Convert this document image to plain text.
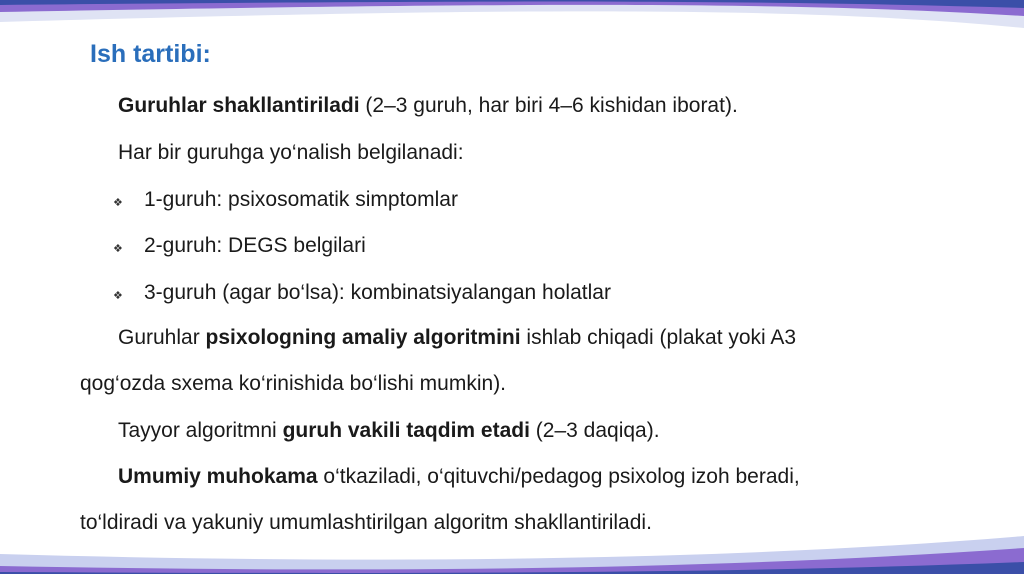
Ish tartibi:
Guruhlar shakllantiriladi (2–3 guruh, har biri 4–6 kishidan iborat).
Har bir guruhga yo‘nalish belgilanadi:
❖ 1-guruh: psixosomatik simptomlar
❖ 2-guruh: DEGS belgilari
❖ 3-guruh (agar bo‘lsa): kombinatsiyalangan holatlar
Guruhlar psixologning amaliy algoritmini ishlab chiqadi (plakat yoki A3
qog‘ozda sxema ko‘rinishida bo‘lishi mumkin).
Tayyor algoritmni guruh vakili taqdim etadi (2–3 daqiqa).
Umumiy muhokama o‘tkaziladi, o‘qituvchi/pedagog psixolog izoh beradi,
to‘ldiradi va yakuniy umumlashtirilgan algoritm shakllantiriladi.
